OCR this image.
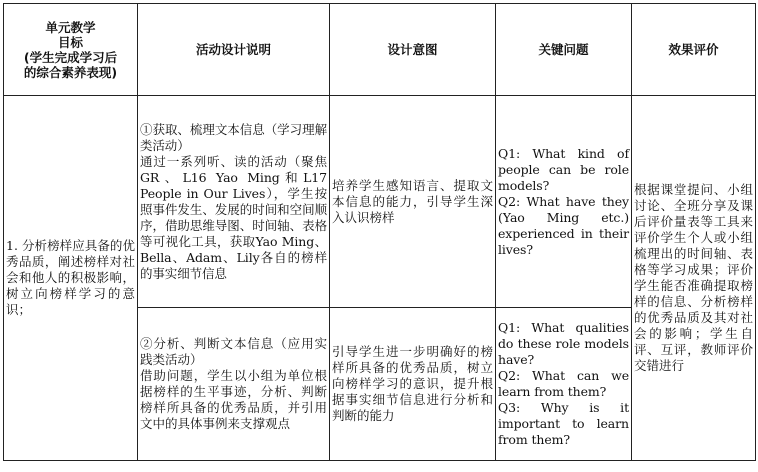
单元教学
目标
(学生完成学习后
的综合素养表现)	活动设计说明	设计意图	关键问题	效果评价
1. 分析榜样应具备的优秀品质，阐述榜样对社会和他人的积极影响，树立向榜样学习的意识；	①获取、梳理文本信息（学习理解类活动）
通过一系列听、读的活动（聚焦GR、L16 Yao Ming和L17 People in Our Lives），学生按照事件发生、发展的时间和空间顺序，借助思维导图、时间轴、表格等可视化工具，获取Yao Ming、Bella、Adam、Lily各自的榜样的事实细节信息	培养学生感知语言、提取文本信息的能力，引导学生深入认识榜样	Q1: What kind of people can be role models?
Q2: What have they (Yao Ming etc.) experienced in their lives?	根据课堂提问、小组讨论、全班分享及课后评价量表等工具来评价学生个人或小组梳理出的时间轴、表格等学习成果；评价学生能否准确提取榜样的信息、分析榜样的优秀品质及其对社会的影响；学生自评、互评，教师评价交错进行
	②分析、判断文本信息（应用实践类活动）
借助问题，学生以小组为单位根据榜样的生平事迹，分析、判断榜样所具备的优秀品质，并引用文中的具体事例来支撑观点	引导学生进一步明确好的榜样所具备的优秀品质，树立向榜样学习的意识，提升根据事实细节信息进行分析和判断的能力	Q1: What qualities do these role models have?
Q2: What can we learn from them?
Q3: Why is it important to learn from them?	
